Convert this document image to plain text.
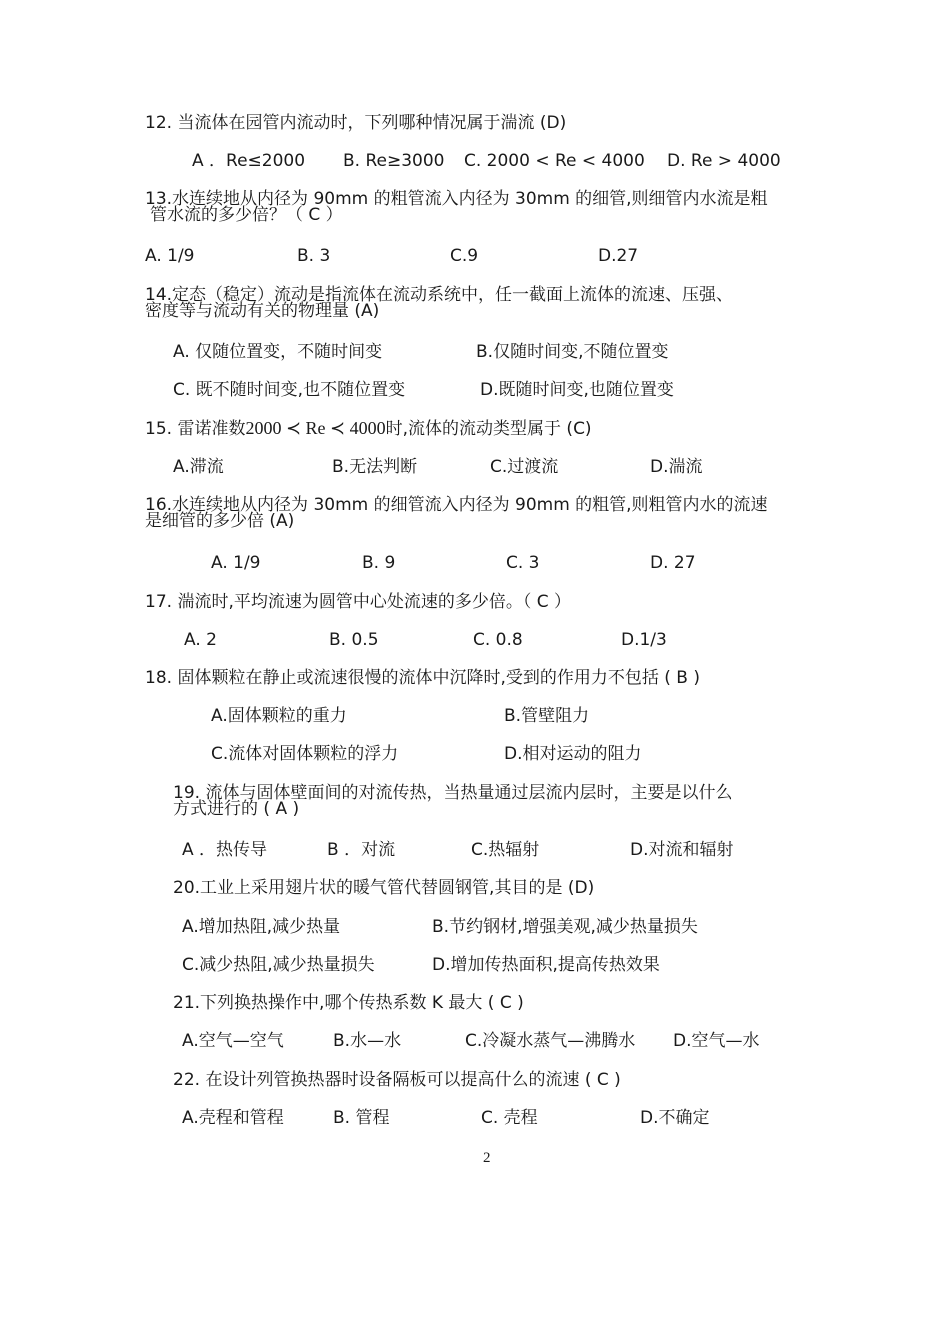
12. 当流体在园管内流动时，下列哪种情况属于湍流 (D)
A ．Re≤2000 B. Re≥3000 C. 2000 < Re < 4000 D. Re > 4000
13.水连续地从内径为 90mm 的粗管流入内径为 30mm 的细管,则细管内水流是粗
管水流的多少倍？（ C ）
A. 1/9	B. 3	C.9	D.27
14.定态（稳定）流动是指流体在流动系统中，任一截面上流体的流速、压强、
密度等与流动有关的物理量 (A)
A. 仅随位置变，不随时间变	B.仅随时间变,不随位置变
C. 既不随时间变,也不随位置变	D.既随时间变,也随位置变
15. 雷诺准数2000 ≺ Re ≺ 4000时,流体的流动类型属于 (C)
A.滞流	B.无法判断	C.过渡流	D.湍流
16.水连续地从内径为 30mm 的细管流入内径为 90mm 的粗管,则粗管内水的流速
是细管的多少倍 (A)
A. 1/9	B. 9	C. 3	D. 27
17. 湍流时,平均流速为圆管中心处流速的多少倍。（ C ）
A. 2	B. 0.5	C. 0.8	D.1/3
18. 固体颗粒在静止或流速很慢的流体中沉降时,受到的作用力不包括 ( B )
A.固体颗粒的重力	B.管壁阻力
C.流体对固体颗粒的浮力	D.相对运动的阻力
19. 流体与固体壁面间的对流传热，当热量通过层流内层时，主要是以什么
方式进行的 ( A )
A ．热传导	B ．对流	C.热辐射	D.对流和辐射
20.工业上采用翅片状的暖气管代替圆钢管,其目的是 (D)
A.增加热阻,减少热量	B.节约钢材,增强美观,减少热量损失
C.减少热阻,减少热量损失	D.增加传热面积,提高传热效果
21.下列换热操作中,哪个传热系数 K 最大 ( C )
A.空气—空气	B.水—水	C.冷凝水蒸气—沸腾水 D.空气—水
22. 在设计列管换热器时设备隔板可以提高什么的流速 ( C )
A.壳程和管程	B. 管程	C. 壳程	D.不确定
2
